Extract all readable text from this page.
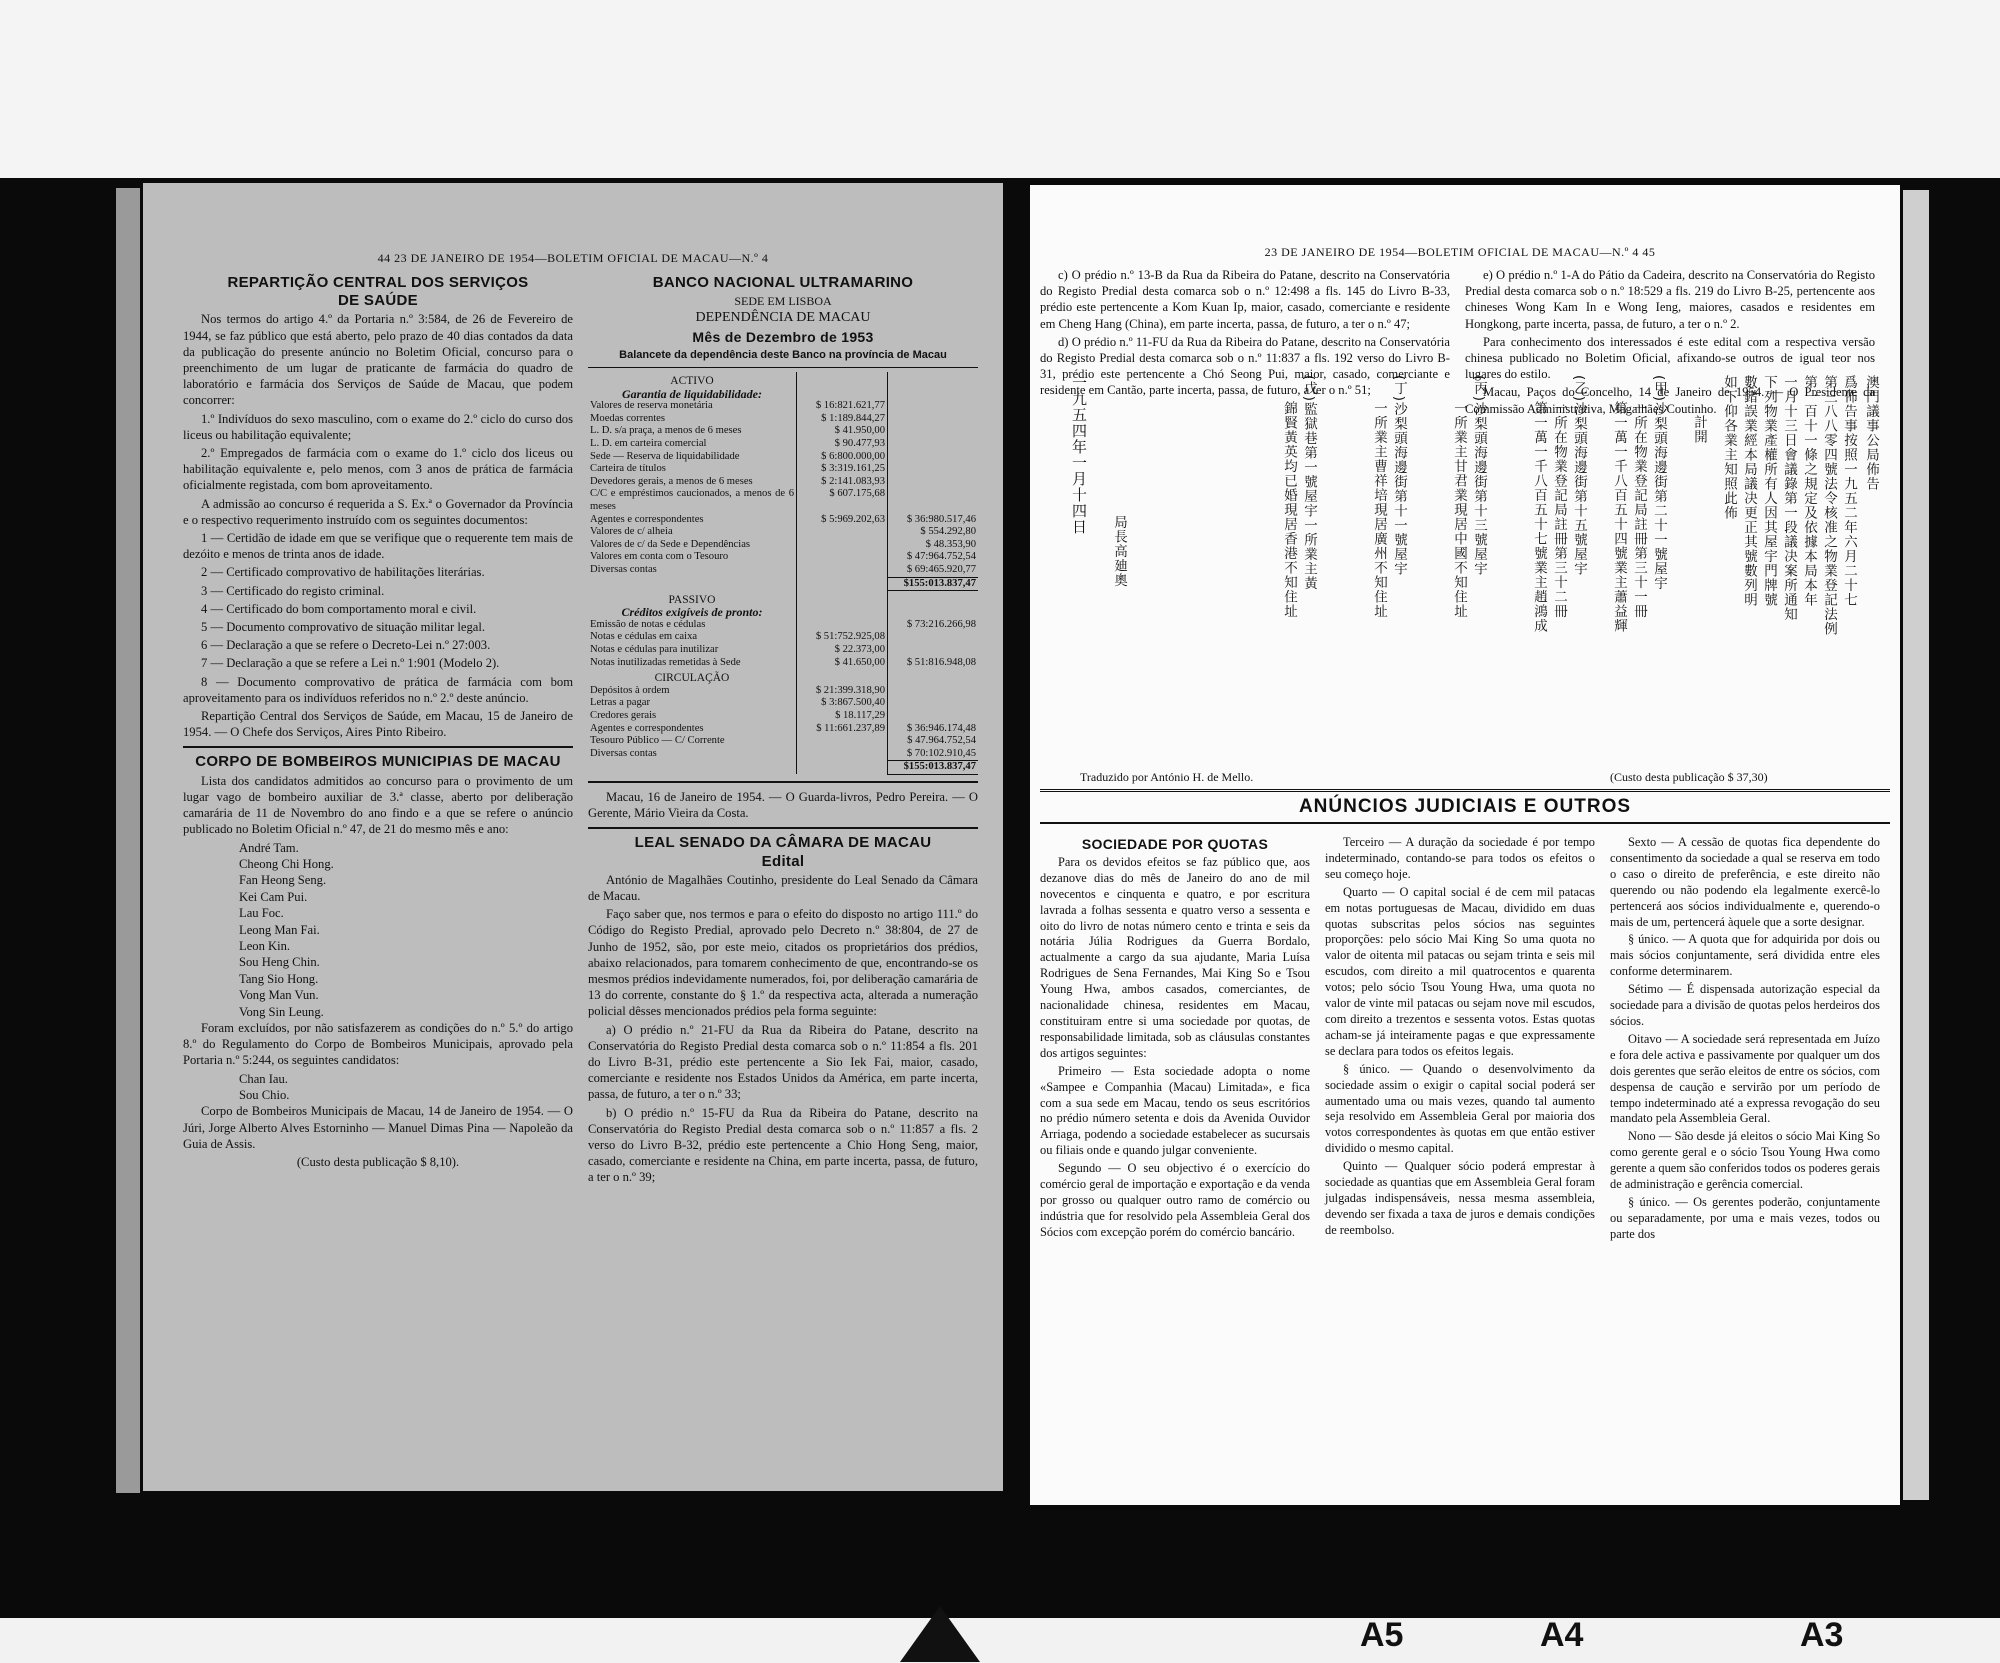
A5	A4	A3
44 23 DE JANEIRO DE 1954—BOLETIM OFICIAL DE MACAU—N.º 4
REPARTIÇÃO CENTRAL DOS SERVIÇOS
DE SAÚDE

Nos termos do artigo 4.º da Portaria n.º 3:584, de 26 de Fevereiro de 1944, se faz público que está aberto, pelo prazo de 40 dias contados da data da publicação do presente anúncio no Boletim Oficial, concurso para o preenchimento de um lugar de praticante de farmácia do quadro de laboratório e farmácia dos Serviços de Saúde de Macau, que podem concorrer:

1.º Indivíduos do sexo masculino, com o exame do 2.º ciclo do curso dos liceus ou habilitação equivalente;

2.º Empregados de farmácia com o exame do 1.º ciclo dos liceus ou habilitação equivalente e, pelo menos, com 3 anos de prática de farmácia oficialmente registada, com bom aproveitamento.

A admissão ao concurso é requerida a S. Ex.ª o Governador da Província e o respectivo requerimento instruído com os seguintes documentos:

1 — Certidão de idade em que se verifique que o requerente tem mais de dezóito e menos de trinta anos de idade.

2 — Certificado comprovativo de habilitações literárias.

3 — Certificado do registo criminal.

4 — Certificado do bom comportamento moral e civil.

5 — Documento comprovativo de situação militar legal.

6 — Declaração a que se refere o Decreto-Lei n.º 27:003.

7 — Declaração a que se refere a Lei n.º 1:901 (Modelo 2).

8 — Documento comprovativo de prática de farmácia com bom aproveitamento para os indivíduos referidos no n.º 2.º deste anúncio.

Repartição Central dos Serviços de Saúde, em Macau, 15 de Janeiro de 1954. — O Chefe dos Serviços, Aires Pinto Ribeiro.

CORPO DE BOMBEIROS MUNICIPIAS DE MACAU

Lista dos candidatos admitidos ao concurso para o provimento de um lugar vago de bombeiro auxiliar de 3.ª classe, aberto por deliberação camarária de 11 de Novembro do ano findo e a que se refere o anúncio publicado no Boletim Oficial n.º 47, de 21 do mesmo mês e ano:

André Tam.
Cheong Chi Hong.
Fan Heong Seng.
Kei Cam Pui.
Lau Foc.
Leong Man Fai.
Leon Kin.
Sou Heng Chin.
Tang Sio Hong.
Vong Man Vun.
Vong Sin Leung.

Foram excluídos, por não satisfazerem as condições do n.º 5.º do artigo 8.º do Regulamento do Corpo de Bombeiros Municipais, aprovado pela Portaria n.º 5:244, os seguintes candidatos:

Chan Iau.
Sou Chio.

Corpo de Bombeiros Municipais de Macau, 14 de Janeiro de 1954. — O Júri, Jorge Alberto Alves Estorninho — Manuel Dimas Pina — Napoleão da Guia de Assis.

(Custo desta publicação $ 8,10).
BANCO NACIONAL ULTRAMARINO
SEDE EM LISBOA
DEPENDÊNCIA DE MACAU
Mês de Dezembro de 1953
Balancete da dependência deste Banco na província de Macau
ACTIVO		
Garantia de liquidabilidade:		
Valores de reserva monetária	$ 16:821.621,77	
Moedas correntes	$ 1:189.844,27	
L. D. s/a praça, a menos de 6 meses	$ 41.950,00	
L. D. em carteira comercial	$ 90.477,93	
Sede — Reserva de liquidabilidade	$ 6:800.000,00	
Carteira de títulos	$ 3:319.161,25	
Devedores gerais, a menos de 6 meses	$ 2:141.083,93	
C/C e empréstimos caucionados, a menos de 6 meses	$ 607.175,68	
Agentes e correspondentes	$ 5:969.202,63	$ 36:980.517,46
Valores de c/ alheia		$ 554.292,80
Valores de c/ da Sede e Dependências		$ 48.353,90
Valores em conta com o Tesouro		$ 47:964.752,54
Diversas contas		$ 69:465.920,77
		$155:013.837,47
PASSIVO		
Créditos exigíveis de pronto:		
Emissão de notas e cédulas		$ 73:216.266,98
Notas e cédulas em caixa	$ 51:752.925,08	
Notas e cédulas para inutilizar	$ 22.373,00	
Notas inutilizadas remetidas à Sede	$ 41.650,00	$ 51:816.948,08
CIRCULAÇÃO		
Depósitos à ordem	$ 21:399.318,90	
Letras a pagar	$ 3:867.500,40	
Credores gerais	$ 18.117,29	
Agentes e correspondentes	$ 11:661.237,89	$ 36:946.174,48
Tesouro Público — C/ Corrente		$ 47.964.752,54
Diversas contas		$ 70:102.910,45
		$155:013.837,47

Macau, 16 de Janeiro de 1954. — O Guarda-livros, Pedro Pereira. — O Gerente, Mário Vieira da Costa.

LEAL SENADO DA CÂMARA DE MACAU
Edital

António de Magalhães Coutinho, presidente do Leal Senado da Câmara de Macau.

Faço saber que, nos termos e para o efeito do disposto no artigo 111.º do Código do Registo Predial, aprovado pelo Decreto n.º 38:804, de 27 de Junho de 1952, são, por este meio, citados os proprietários dos prédios, abaixo relacionados, para tomarem conhecimento de que, encontrando-se os mesmos prédios indevidamente numerados, foi, por deliberação camarária de 13 do corrente, constante do § 1.º da respectiva acta, alterada a numeração policial dêsses mencionados prédios pela forma seguinte:

a) O prédio n.º 21-FU da Rua da Ribeira do Patane, descrito na Conservatória do Registo Predial desta comarca sob o n.º 11:854 a fls. 201 do Livro B-31, prédio este pertencente a Sio Iek Fai, maior, casado, comerciante e residente nos Estados Unidos da América, em parte incerta, passa, de futuro, a ter o n.º 33;

b) O prédio n.º 15-FU da Rua da Ribeira do Patane, descrito na Conservatória do Registo Predial desta comarca sob o n.º 11:857 a fls. 2 verso do Livro B-32, prédio este pertencente a Chio Hong Seng, maior, casado, comerciante e residente na China, em parte incerta, passa, de futuro, a ter o n.º 39;

23 DE JANEIRO DE 1954—BOLETIM OFICIAL DE MACAU—N.º 4 45

c) O prédio n.º 13-B da Rua da Ribeira do Patane, descrito na Conservatória do Registo Predial desta comarca sob o n.º 12:498 a fls. 145 do Livro B-33, prédio este pertencente a Kom Kuan Ip, maior, casado, comerciante e residente em Cheng Hang (China), em parte incerta, passa, de futuro, a ter o n.º 47;

d) O prédio n.º 11-FU da Rua da Ribeira do Patane, descrito na Conservatória do Registo Predial desta comarca sob o n.º 11:837 a fls. 192 verso do Livro B-31, prédio este pertencente a Chó Seong Pui, maior, casado, comerciante e residente em Cantão, parte incerta, passa, de futuro, a ter o n.º 51;

e) O prédio n.º 1-A do Pátio da Cadeira, descrito na Conservatória do Registo Predial desta comarca sob o n.º 18:529 a fls. 219 do Livro B-25, pertencente aos chineses Wong Kam In e Wong Ieng, maiores, casados e residentes em Hongkong, parte incerta, passa, de futuro, a ter o n.º 2.

Para conhecimento dos interessados é este edital com a respectiva versão chinesa publicado no Boletim Oficial, afixando-se outros de igual teor nos lugares do estilo.

Macau, Paços do Concelho, 14 de Janeiro de 1954. — O Presidente da Commissão Administrativa, Magalhães Coutinho.	澳門議事公局佈告
爲佈告事按照一九五二年六月二十七
第三八八零四號法令核准之物業登記法例
第一百十一條之規定及依據本局本年
一月十三日會議錄第一段議决案所通知
下列物業產權所有人因其屋宇門牌號
數錯誤業經本局議决更正其號數列明
如下仰各業主知照此佈
計開
(甲)沙梨頭海邊街第二十一號屋宇
一所在物業登記局註冊第三十一冊
第一萬一千八百五十四號業主蕭益輝
(乙)沙梨頭海邊街第十五號屋宇
一所在物業登記局註冊第三十二冊
第一萬一千八百五十七號業主趙鴻成
(丙)沙梨頭海邊街第十三號屋宇
一所業主甘君業現居中國不知住址
(丁)沙梨頭海邊街第十一號屋宇
一所業主曹祥培現居廣州不知住址
(戊)監獄巷第一號屋宇一所業主黃
錦賢黃英均已婚現居香港不知住址
一九五四年一月十四日
局長高廸奧
Traduzido por António H. de Mello.	(Custo desta publicação $ 37,30)
ANÚNCIOS JUDICIAIS E OUTROS
SOCIEDADE POR QUOTAS

Para os devidos efeitos se faz público que, aos dezanove dias do mês de Janeiro do ano de mil novecentos e cinquenta e quatro, e por escritura lavrada a folhas sessenta e quatro verso a sessenta e oito do livro de notas número cento e trinta e seis da notária Júlia Rodrigues da Guerra Bordalo, actualmente a cargo da sua ajudante, Maria Luísa Rodrigues de Sena Fernandes, Mai King So e Tsou Young Hwa, ambos casados, comerciantes, de nacionalidade chinesa, residentes em Macau, constituiram entre si uma sociedade por quotas, de responsabilidade limitada, sob as cláusulas constantes dos artigos seguintes:

Primeiro — Esta sociedade adopta o nome «Sampee e Companhia (Macau) Limitada», e fica com a sua sede em Macau, tendo os seus escritórios no prédio número setenta e dois da Avenida Ouvidor Arriaga, podendo a sociedade estabelecer as sucursais ou filiais onde e quando julgar conveniente.

Segundo — O seu objectivo é o exercício do comércio geral de importação e exportação e da venda por grosso ou qualquer outro ramo de comércio ou indústria que for resolvido pela Assembleia Geral dos Sócios com excepção porém do comércio bancário.

Terceiro — A duração da sociedade é por tempo indeterminado, contando-se para todos os efeitos o seu começo hoje.

Quarto — O capital social é de cem mil patacas em notas portuguesas de Macau, dividido em duas quotas subscritas pelos sócios nas seguintes proporções: pelo sócio Mai King So uma quota no valor de oitenta mil patacas ou sejam trinta e seis mil escudos, com direito a mil quatrocentos e quarenta votos; pelo sócio Tsou Young Hwa, uma quota no valor de vinte mil patacas ou sejam nove mil escudos, com direito a trezentos e sessenta votos. Estas quotas acham-se já inteiramente pagas e que expressamente se declara para todos os efeitos legais.

§ único. — Quando o desenvolvimento da sociedade assim o exigir o capital social poderá ser aumentado uma ou mais vezes, quando tal aumento seja resolvido em Assembleia Geral por maioria dos votos correspondentes às quotas em que então estiver dividido o mesmo capital.

Quinto — Qualquer sócio poderá emprestar à sociedade as quantias que em Assembleia Geral foram julgadas indispensáveis, nessa mesma assembleia, devendo ser fixada a taxa de juros e demais condições de reembolso.

Sexto — A cessão de quotas fica dependente do consentimento da sociedade a qual se reserva em todo o caso o direito de preferência, e este direito não querendo ou não podendo ela legalmente exercê-lo pertencerá aos sócios individualmente e, querendo-o mais de um, pertencerá àquele que a sorte designar.

§ único. — A quota que for adquirida por dois ou mais sócios conjuntamente, será dividida entre eles conforme determinarem.

Sétimo — É dispensada autorização especial da sociedade para a divisão de quotas pelos herdeiros dos sócios.

Oitavo — A sociedade será representada em Juízo e fora dele activa e passivamente por qualquer um dos dois gerentes que serão eleitos de entre os sócios, com despensa de caução e servirão por um período de tempo indeterminado até a expressa revogação do seu mandato pela Assembleia Geral.

Nono — São desde já eleitos o sócio Mai King So como gerente geral e o sócio Tsou Young Hwa como gerente a quem são conferidos todos os poderes gerais de administração e gerência comercial.

§ único. — Os gerentes poderão, conjuntamente ou separadamente, por uma e mais vezes, todos ou parte dos
